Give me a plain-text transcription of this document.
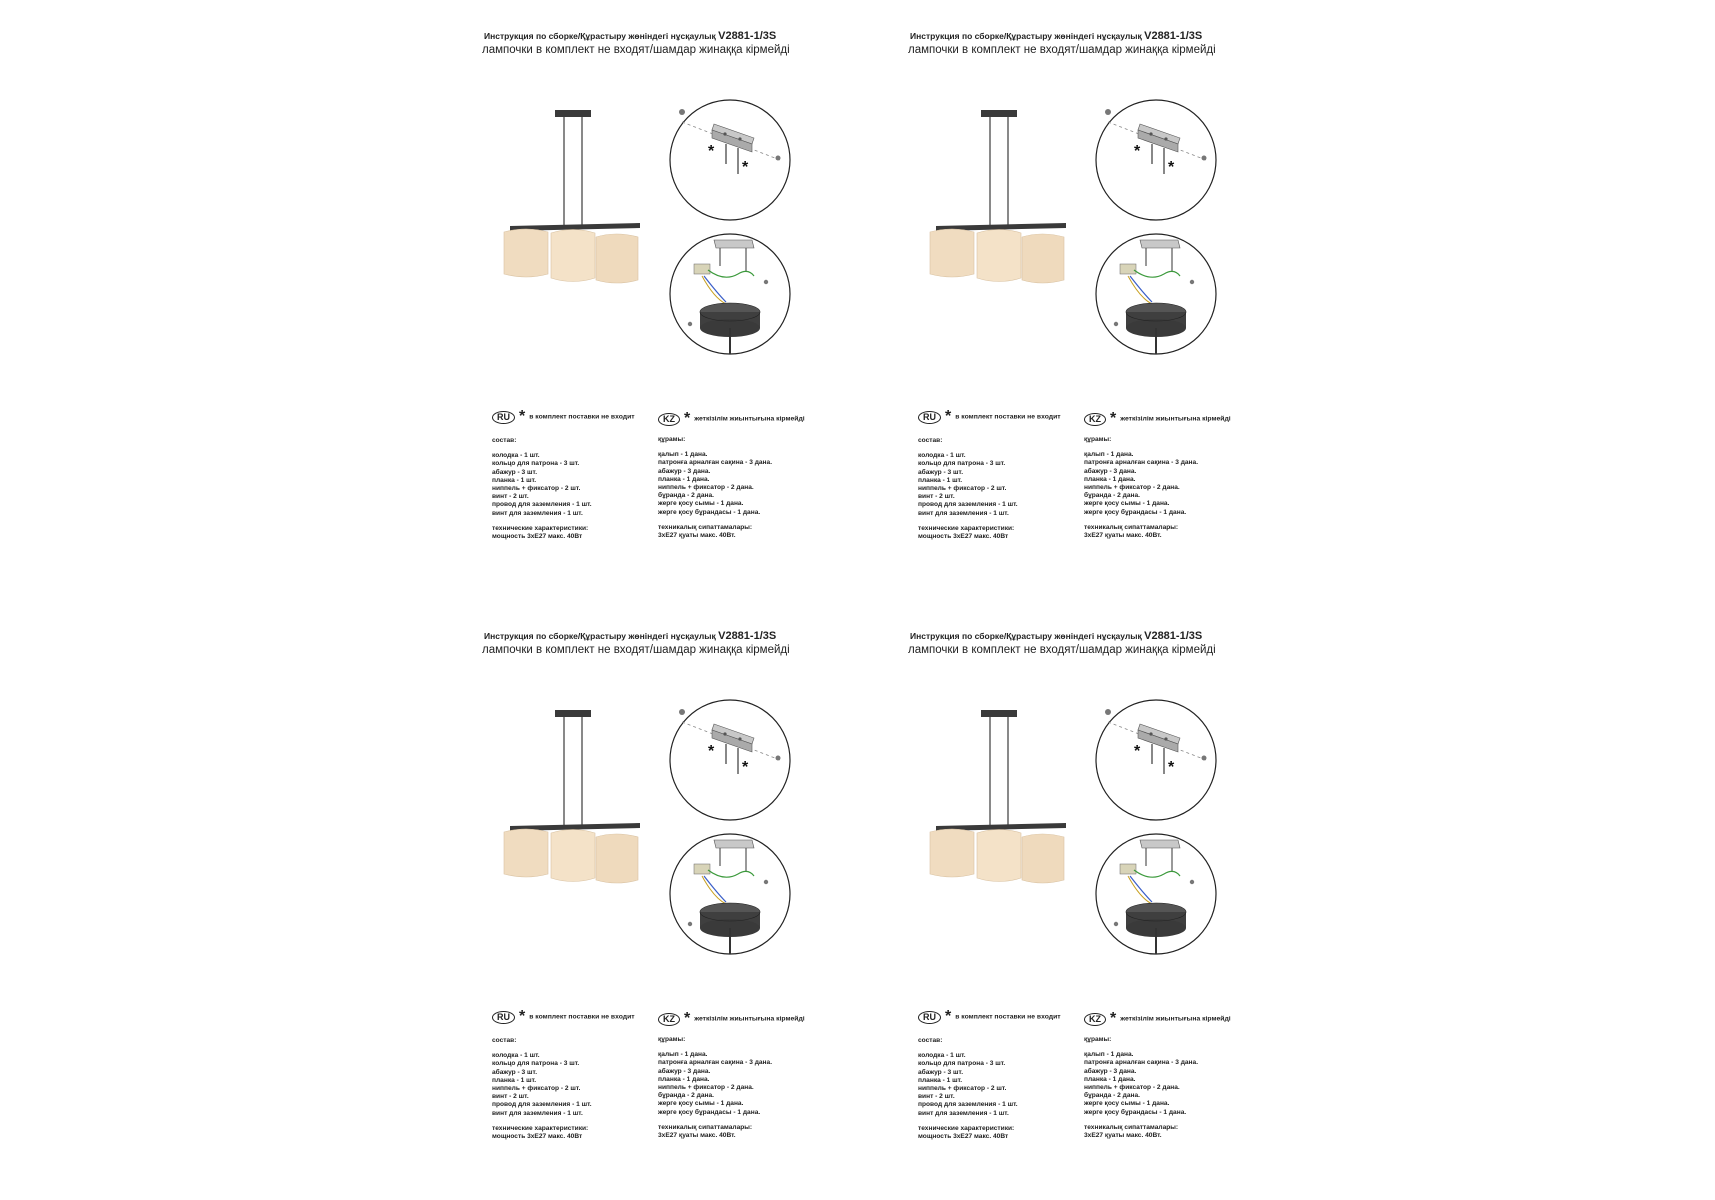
Инструкция по сборке/Құрастыру жөніндегі нұсқаулық V2881-1/3S
лампочки в комплект не входят/шамдар жинаққа кірмейді
*
*
RU * в комплект поставки не входит	KZ * жеткізілім жиынтығына кірмейді
состав:
колодка - 1 шт.
кольцо для патрона - 3 шт.
абажур - 3 шт.
планка - 1 шт.
ниппель + фиксатор - 2 шт.
винт - 2 шт.
провод для заземления - 1 шт.
винт для заземления - 1 шт.
технические характеристики:
мощность 3хЕ27 макс. 40Вт
құрамы:
қалып - 1 дана.
патронға арналған сақина - 3 дана.
абажур - 3 дана.
планка - 1 дана.
ниппель + фиксатор - 2 дана.
бұранда - 2 дана.
жерге қосу сымы - 1 дана.
жерге қосу бұрандасы - 1 дана.
техникалық сипаттамалары:
3хЕ27 қуаты макс. 40Вт.
Инструкция по сборке/Құрастыру жөніндегі нұсқаулық V2881-1/3S
лампочки в комплект не входят/шамдар жинаққа кірмейді
*
*
RU * в комплект поставки не входит	KZ * жеткізілім жиынтығына кірмейді
состав:
колодка - 1 шт.
кольцо для патрона - 3 шт.
абажур - 3 шт.
планка - 1 шт.
ниппель + фиксатор - 2 шт.
винт - 2 шт.
провод для заземления - 1 шт.
винт для заземления - 1 шт.
технические характеристики:
мощность 3хЕ27 макс. 40Вт
құрамы:
қалып - 1 дана.
патронға арналған сақина - 3 дана.
абажур - 3 дана.
планка - 1 дана.
ниппель + фиксатор - 2 дана.
бұранда - 2 дана.
жерге қосу сымы - 1 дана.
жерге қосу бұрандасы - 1 дана.
техникалық сипаттамалары:
3хЕ27 қуаты макс. 40Вт.
Инструкция по сборке/Құрастыру жөніндегі нұсқаулық V2881-1/3S
лампочки в комплект не входят/шамдар жинаққа кірмейді
*
*
RU * в комплект поставки не входит	KZ * жеткізілім жиынтығына кірмейді
состав:
колодка - 1 шт.
кольцо для патрона - 3 шт.
абажур - 3 шт.
планка - 1 шт.
ниппель + фиксатор - 2 шт.
винт - 2 шт.
провод для заземления - 1 шт.
винт для заземления - 1 шт.
технические характеристики:
мощность 3хЕ27 макс. 40Вт
құрамы:
қалып - 1 дана.
патронға арналған сақина - 3 дана.
абажур - 3 дана.
планка - 1 дана.
ниппель + фиксатор - 2 дана.
бұранда - 2 дана.
жерге қосу сымы - 1 дана.
жерге қосу бұрандасы - 1 дана.
техникалық сипаттамалары:
3хЕ27 қуаты макс. 40Вт.
Инструкция по сборке/Құрастыру жөніндегі нұсқаулық V2881-1/3S
лампочки в комплект не входят/шамдар жинаққа кірмейді
*
*
RU * в комплект поставки не входит	KZ * жеткізілім жиынтығына кірмейді
состав:
колодка - 1 шт.
кольцо для патрона - 3 шт.
абажур - 3 шт.
планка - 1 шт.
ниппель + фиксатор - 2 шт.
винт - 2 шт.
провод для заземления - 1 шт.
винт для заземления - 1 шт.
технические характеристики:
мощность 3хЕ27 макс. 40Вт
құрамы:
қалып - 1 дана.
патронға арналған сақина - 3 дана.
абажур - 3 дана.
планка - 1 дана.
ниппель + фиксатор - 2 дана.
бұранда - 2 дана.
жерге қосу сымы - 1 дана.
жерге қосу бұрандасы - 1 дана.
техникалық сипаттамалары:
3хЕ27 қуаты макс. 40Вт.
